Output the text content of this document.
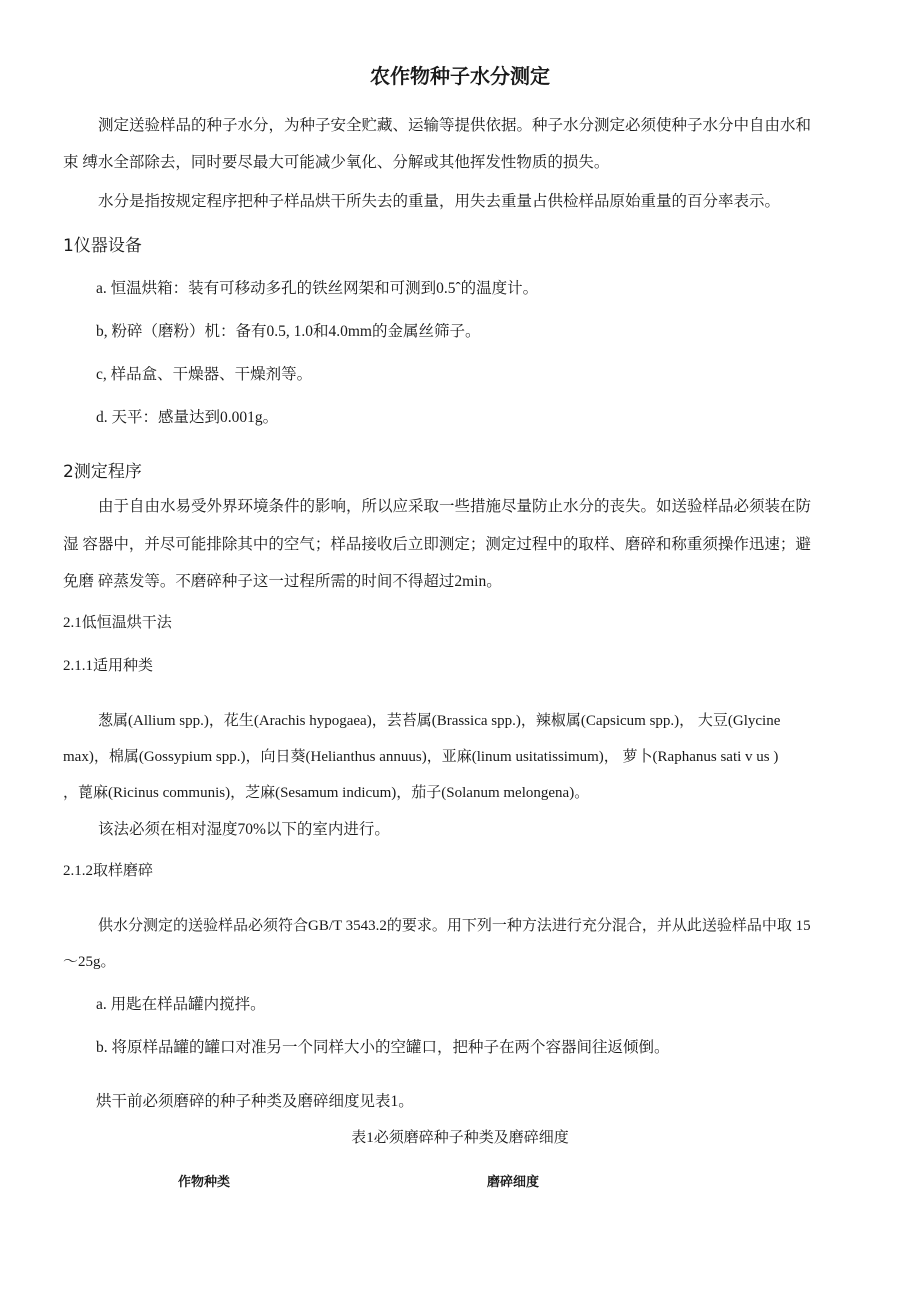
农作物种子水分测定
测定送验样品的种子水分，为种子安全贮藏、运输等提供依据。种子水分测定必须使种子水分中自由水和
束 缚水全部除去，同时要尽最大可能减少氧化、分解或其他挥发性物质的损失。
水分是指按规定程序把种子样品烘干所失去的重量，用失去重量占供检样品原始重量的百分率表示。
1仪器设备
a. 恒温烘箱：装有可移动多孔的铁丝网架和可测到0.5ˆ的温度计。
b, 粉碎（磨粉）机：备有0.5, 1.0和4.0mm的金属丝筛子。
c, 样品盒、干燥器、干燥剂等。
d. 天平：感量达到0.001g。
2测定程序
由于自由水易受外界环境条件的影响，所以应采取一些措施尽量防止水分的丧失。如送验样品必须装在防
湿 容器中，并尽可能排除其中的空气；样品接收后立即测定；测定过程中的取样、磨碎和称重须操作迅速；避
免磨 碎蒸发等。不磨碎种子这一过程所需的时间不得超过2min。
2.1低恒温烘干法
2.1.1适用种类
葱属(Allium spp.)，花生(Arachis hypogaea)，芸苔属(Brassica spp.)，辣椒属(Capsicum spp.)， 大豆(Glycine
max)，棉属(Gossypium spp.)，向日葵(Helianthus annuus)，亚麻(linum usitatissimum)， 萝卜(Raphanus sati v us )
，蓖麻(Ricinus communis)，芝麻(Sesamum indicum)，茄子(Solanum melongena)。
该法必须在相对湿度70%以下的室内进行。
2.1.2取样磨碎
供水分测定的送验样品必须符合GB/T 3543.2的要求。用下列一种方法进行充分混合，并从此送验样品中取 15
～25g。
a. 用匙在样品罐内搅拌。
b. 将原样品罐的罐口对准另一个同样大小的空罐口，把种子在两个容器间往返倾倒。
烘干前必须磨碎的种子种类及磨碎细度见表1。
表1必须磨碎种子种类及磨碎细度
作物种类	磨碎细度
